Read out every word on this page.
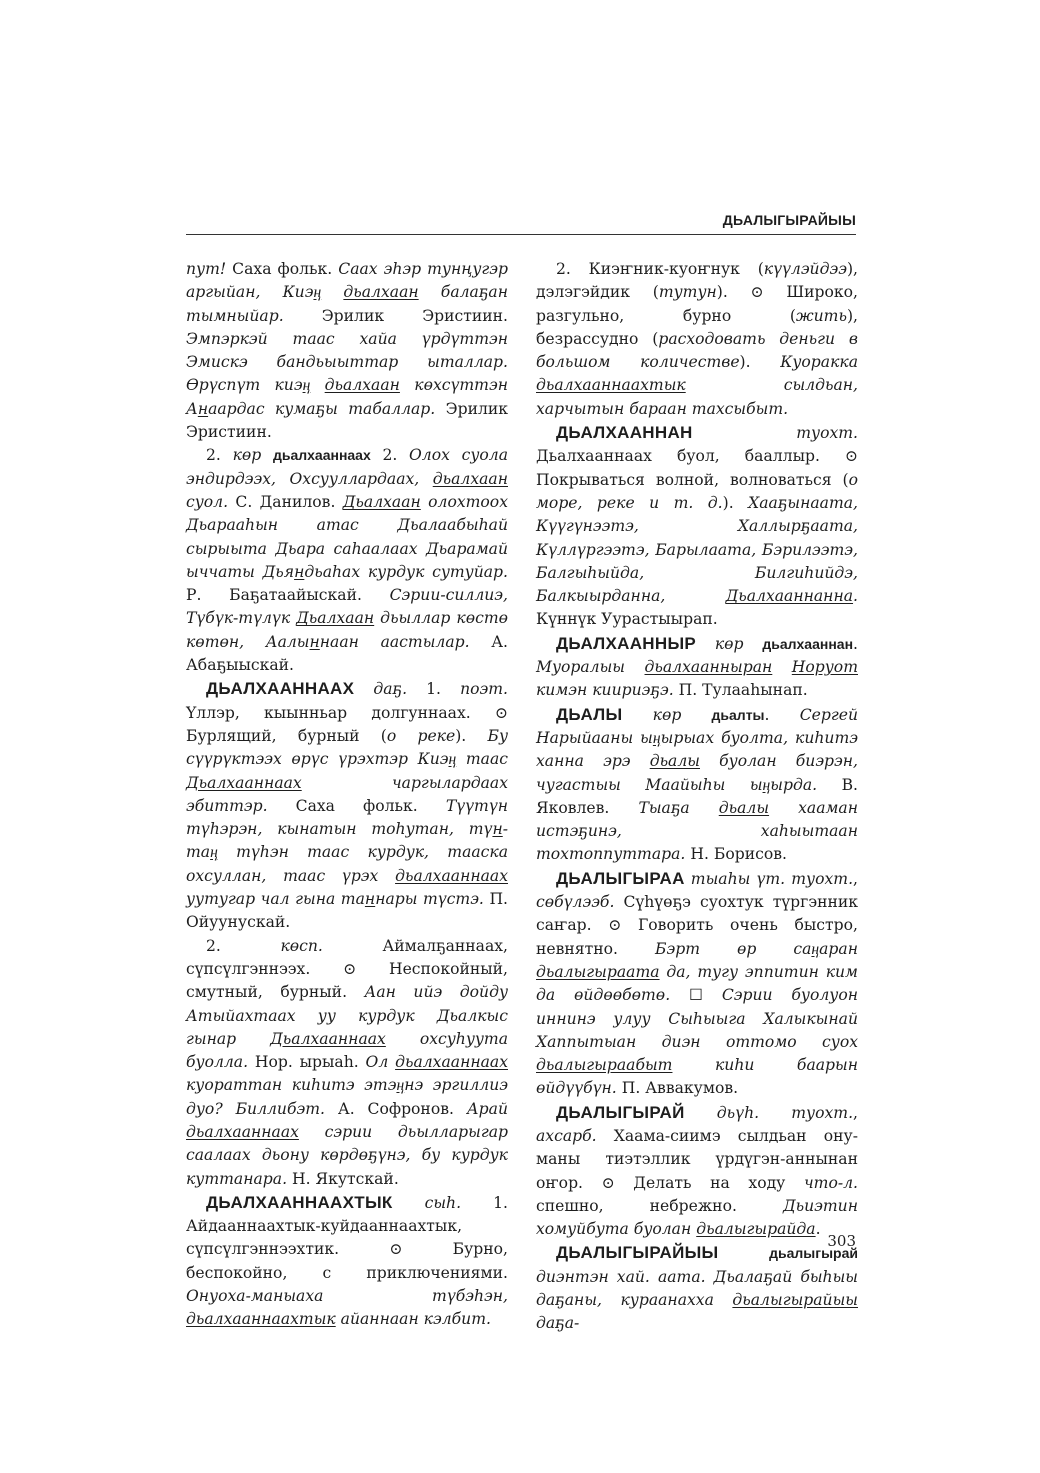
ДЬАЛЫГЫРАЙЫЫ

пут! Саха фольк. Саах эһэр тунңугэр аргыйан, Киэӊ дьалхаан балаҕан тымныйар. Эрилик Эристиин. Эмпэркэй таас хайа үрдүттэн Эмискэ бандьыыттар ыталлар. Өрүспүт киэӊ дьалхаан көхсүттэн Анаардас кумаҕы табаллар. Эрилик Эристиин.

2. көр дьалхааннаах 2. Олох суола эндирдээх, Охсууллардаах, дьалхаан суол. С. Данилов. Дьалхаан олохтоох Дьарааһын атас Дьалаабыһай сырыыта Дьара саһаалаах Дьарамай ыччаты Дьяндьаһах курдук сутуйар. Р. Баҕатаайыскай. Сэрии-силлиэ, Түбүк-түлүк Дьалхаан дьыллар көстө көтөн, Аалыннаан аастылар. А. Абаҕыыскай.

ДЬАЛХААННААХ даҕ. 1. поэт. Үллэр, кыынньар долгуннаах. ⊙ Бурлящий, бурный (о реке). Бу сүүрүктээх өрүс үрэхтэр Киэӊ таас Дьалхааннаах чаргылардаах эбиттэр. Саха фольк. Түүтүн түһэрэн, кынатын тоһутан, түн-таӊ түһэн таас курдук, тааска охсуллан, таас үрэх дьалхааннаах уутугар чал гына таннары түстэ. П. Ойуунускай.

2. көсп. Аймалҕаннаах, сүпсүлгэннээх. ⊙ Неспокойный, смутный, бурный. Аан ийэ дойду Атыйахтаах уу курдук Дьалкыс гынар Дьалхааннаах охсуһуута буолла. Нор. ырыаһ. Ол дьалхааннаах куораттан киһитэ этэӊнэ эргиллиэ дуо? Биллибэт. А. Софронов. Арай дьалхааннаах сэрии дьылларыгар саалаах дьону көрдөҕүнэ, бу курдук куттанара. Н. Якутскай.

ДЬАЛХААННААХТЫК сыһ. 1. Айдааннаахтык-куйдааннаахтык, сүпсүлгэннээхтик. ⊙ Бурно, беспокойно, с приключениями. Онуоха-маныаха түбэһэн, дьалхааннаахтык айаннаан кэлбит.

2. Киэҥник-куоҥнук (күүлэйдээ), дэлэгэйдик (тутун). ⊙ Широко, разгульно, бурно (жить), безрассудно (расходовать деньги в большом количестве). Куоракка дьалхааннаахтык сылдьан, харчытын бараан тахсыбыт.

ДЬАЛХААННАН	туохт. Дьалхааннаах буол, бааллыр. ⊙ Покрываться волной, волноваться (о море, реке и т. д.). Хааҕынаата, Күүгүнээтэ, Халлырҕаата, Күллүргээтэ, Барылаата, Бэрилээтэ, Балгыһыйда, Билгиһийдэ, Балкыырданна, Дьалхааннанна. Күннүк Уурастыырап.

ДЬАЛХААННЫР көр дьалхааннан. Муоралыы дьалхаанныран Норуот кимэн киириэҕэ. П. Тулааһынап.

ДЬАЛЫ көр дьалты. Сергей Нарыйааны ыӊырыах буолта, киһитэ ханна эрэ дьалы буолан биэрэн, чугастыы Маайыһы ыӊырда. В. Яковлев. Тыаҕа дьалы хааман истэҕинэ, хаһыытаан тохтоппуттара. Н. Борисов.

ДЬАЛЫГЫРАА тыаһы үт. туохт., сөбүлээб. Сүһүөҕэ суохтук түргэнник саҥар. ⊙ Говорить очень быстро, невнятно. Бэрт өр саӊаран дьалыгыраата да, тугу эппитин ким да өйдөөбөтө. ☐ Сэрии буолуон иннинэ улуу Сыһыыга Халыкынай Хаппытыан диэн оттомо суох дьалыгыраабыт киһи баарын өйдүүбүн. П. Аввакумов.

ДЬАЛЫГЫРАЙ дьүһ. туохт., ахсарб. Хаама-сиимэ сылдьан ону-маны тиэтэллик үрдүгэн-аннынан оҥор. ⊙ Делать на ходу что-л. спешно, небрежно. Дьиэтин хомуйбута буолан дьалыгырайда.

ДЬАЛЫГЫРАЙЫЫ	дьалыгырай диэнтэн хай. аата. Дьалаҕай быһыы даҕаны, кураанахха дьалыгырайыы даҕа-

303
